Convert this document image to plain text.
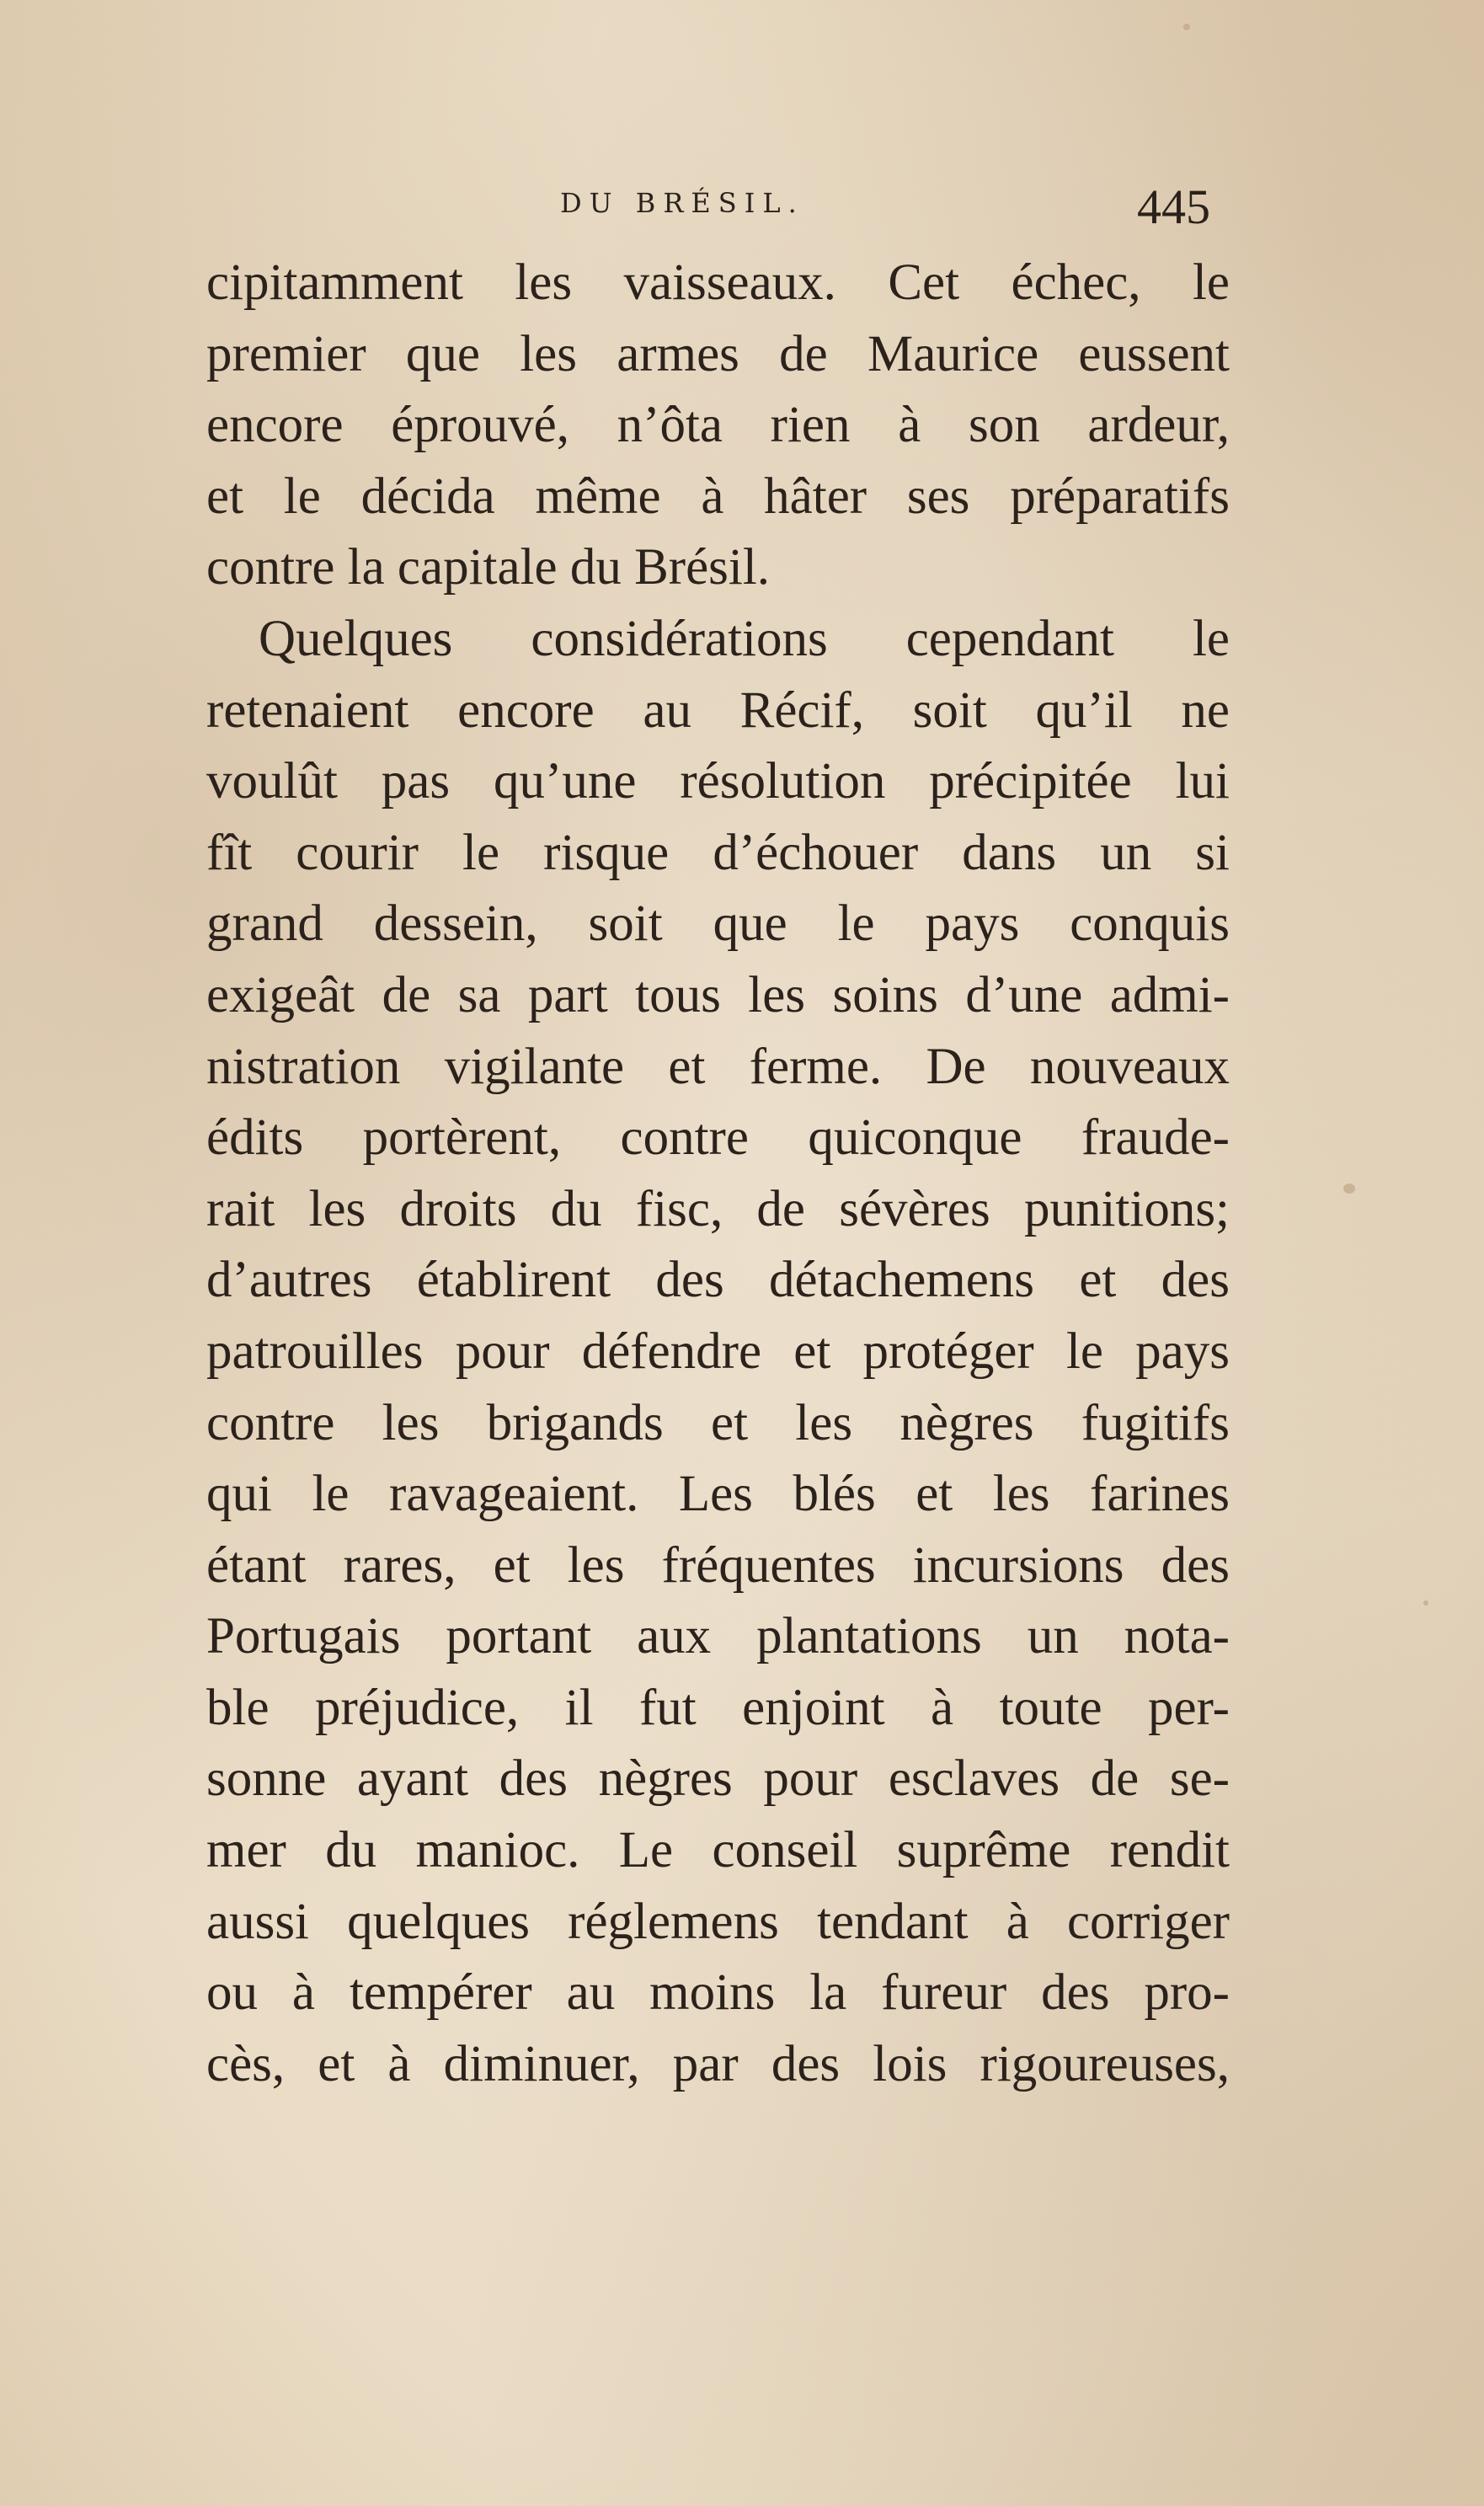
DU BRÉSIL.	445
cipitamment les vaisseaux. Cet échec, le
premier que les armes de Maurice eussent
encore éprouvé, n’ôta rien à son ardeur,
et le décida même à hâter ses préparatifs
contre la capitale du Brésil.
Quelques considérations cependant le
retenaient encore au Récif, soit qu’il ne
voulût pas qu’une résolution précipitée lui
fît courir le risque d’échouer dans un si
grand dessein, soit que le pays conquis
exigeât de sa part tous les soins d’une admi-
nistration vigilante et ferme. De nouveaux
édits portèrent, contre quiconque fraude-
rait les droits du fisc, de sévères punitions;
d’autres établirent des détachemens et des
patrouilles pour défendre et protéger le pays
contre les brigands et les nègres fugitifs
qui le ravageaient. Les blés et les farines
étant rares, et les fréquentes incursions des
Portugais portant aux plantations un nota-
ble préjudice, il fut enjoint à toute per-
sonne ayant des nègres pour esclaves de se-
mer du manioc. Le conseil suprême rendit
aussi quelques réglemens tendant à corriger
ou à tempérer au moins la fureur des pro-
cès, et à diminuer, par des lois rigoureuses,
